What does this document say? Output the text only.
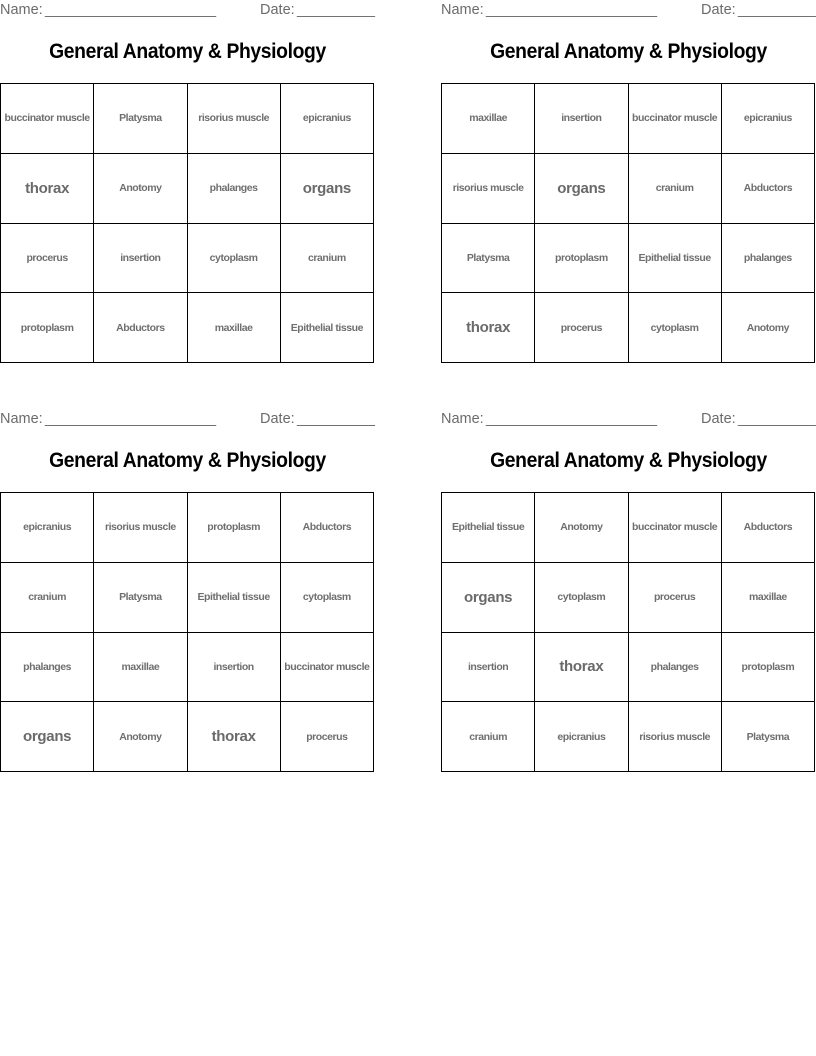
Name: ______________________	Date: __________
General Anatomy & Physiology
buccinator muscle	Platysma	risorius muscle	epicranius
thorax	Anotomy	phalanges	organs
procerus	insertion	cytoplasm	cranium
protoplasm	Abductors	maxillae	Epithelial tissue
Name: ______________________	Date: __________
General Anatomy & Physiology
maxillae	insertion	buccinator muscle	epicranius
risorius muscle	organs	cranium	Abductors
Platysma	protoplasm	Epithelial tissue	phalanges
thorax	procerus	cytoplasm	Anotomy
Name: ______________________	Date: __________
General Anatomy & Physiology
epicranius	risorius muscle	protoplasm	Abductors
cranium	Platysma	Epithelial tissue	cytoplasm
phalanges	maxillae	insertion	buccinator muscle
organs	Anotomy	thorax	procerus
Name: ______________________	Date: __________
General Anatomy & Physiology
Epithelial tissue	Anotomy	buccinator muscle	Abductors
organs	cytoplasm	procerus	maxillae
insertion	thorax	phalanges	protoplasm
cranium	epicranius	risorius muscle	Platysma
